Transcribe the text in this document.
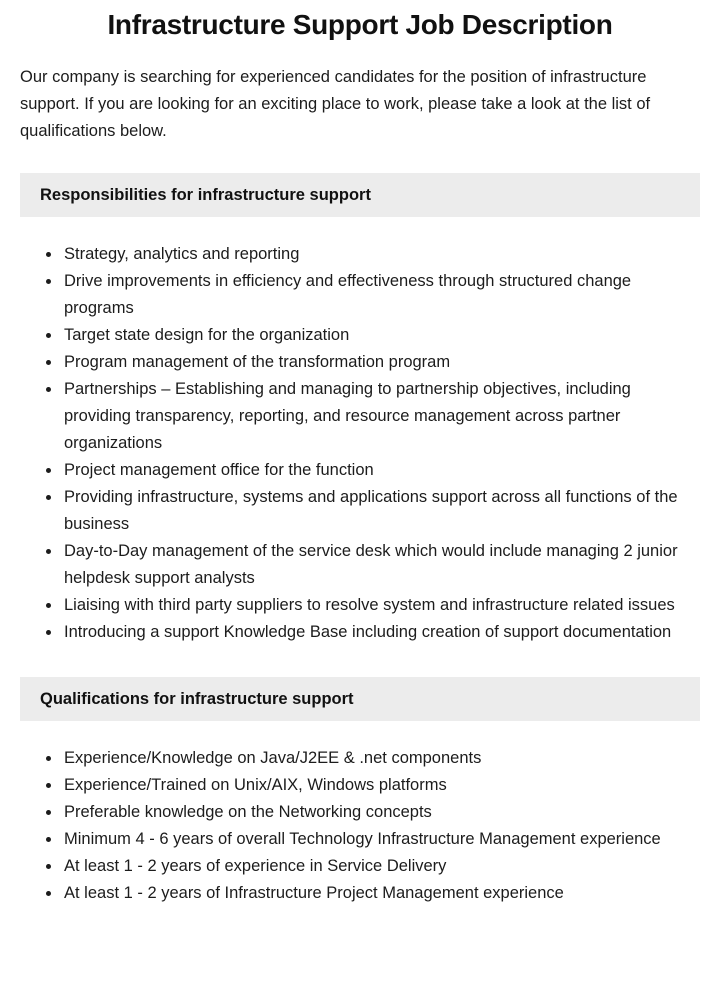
Infrastructure Support Job Description

Our company is searching for experienced candidates for the position of infrastructure support. If you are looking for an exciting place to work, please take a look at the list of qualifications below.

Responsibilities for infrastructure support
• Strategy, analytics and reporting
• Drive improvements in efficiency and effectiveness through structured change programs
• Target state design for the organization
• Program management of the transformation program
• Partnerships – Establishing and managing to partnership objectives, including providing transparency, reporting, and resource management across partner organizations
• Project management office for the function
• Providing infrastructure, systems and applications support across all functions of the business
• Day-to-Day management of the service desk which would include managing 2 junior helpdesk support analysts
• Liaising with third party suppliers to resolve system and infrastructure related issues
• Introducing a support Knowledge Base including creation of support documentation
Qualifications for infrastructure support
• Experience/Knowledge on Java/J2EE & .net components
• Experience/Trained on Unix/AIX, Windows platforms
• Preferable knowledge on the Networking concepts
• Minimum 4 - 6 years of overall Technology Infrastructure Management experience
• At least 1 - 2 years of experience in Service Delivery
• At least 1 - 2 years of Infrastructure Project Management experience
